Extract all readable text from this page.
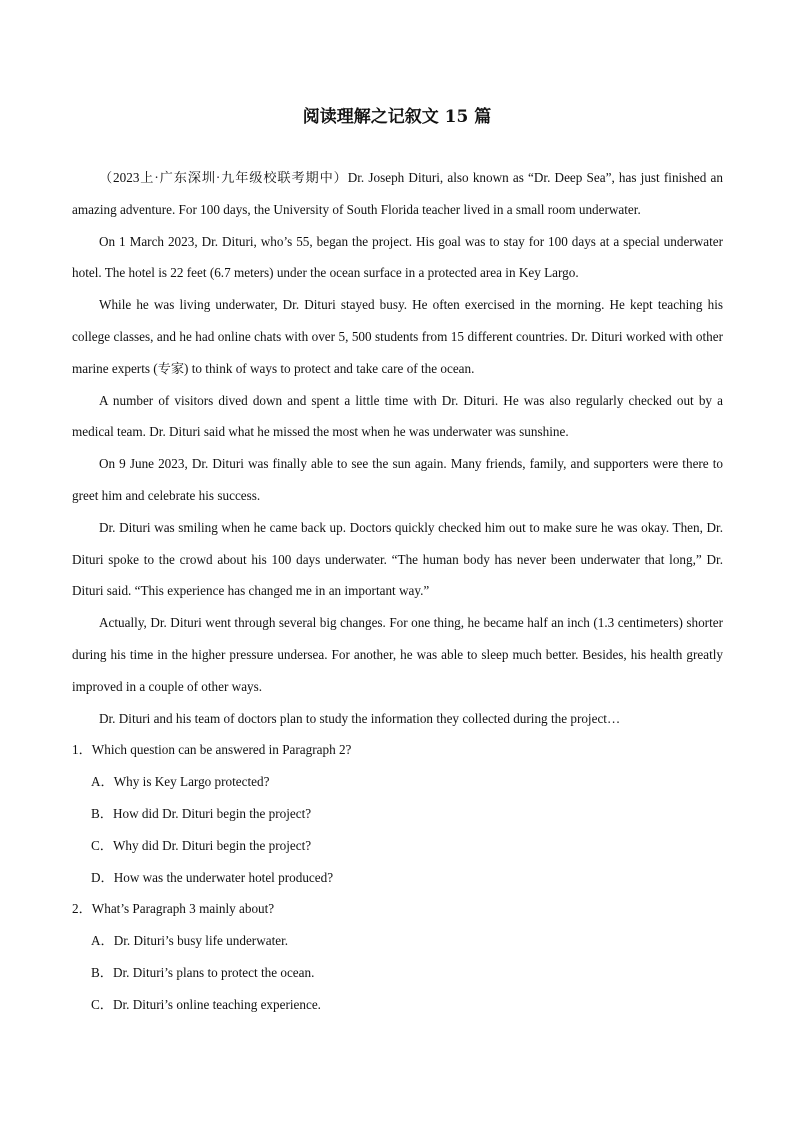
阅读理解之记叙文 15 篇

（2023上·广东深圳·九年级校联考期中）Dr. Joseph Dituri, also known as “Dr. Deep Sea”, has just finished an amazing adventure. For 100 days, the University of South Florida teacher lived in a small room underwater.

On 1 March 2023, Dr. Dituri, who’s 55, began the project. His goal was to stay for 100 days at a special underwater hotel. The hotel is 22 feet (6.7 meters) under the ocean surface in a protected area in Key Largo.

While he was living underwater, Dr. Dituri stayed busy. He often exercised in the morning. He kept teaching his college classes, and he had online chats with over 5, 500 students from 15 different countries. Dr. Dituri worked with other marine experts (专家) to think of ways to protect and take care of the ocean.

A number of visitors dived down and spent a little time with Dr. Dituri. He was also regularly checked out by a medical team. Dr. Dituri said what he missed the most when he was underwater was sunshine.

On 9 June 2023, Dr. Dituri was finally able to see the sun again. Many friends, family, and supporters were there to greet him and celebrate his success.

Dr. Dituri was smiling when he came back up. Doctors quickly checked him out to make sure he was okay. Then, Dr. Dituri spoke to the crowd about his 100 days underwater. “The human body has never been underwater that long,” Dr. Dituri said. “This experience has changed me in an important way.”

Actually, Dr. Dituri went through several big changes. For one thing, he became half an inch (1.3 centimeters) shorter during his time in the higher pressure undersea. For another, he was able to sleep much better. Besides, his health greatly improved in a couple of other ways.

Dr. Dituri and his team of doctors plan to study the information they collected during the project…

1．Which question can be answered in Paragraph 2?
A．Why is Key Largo protected?
B．How did Dr. Dituri begin the project?
C．Why did Dr. Dituri begin the project?
D．How was the underwater hotel produced?
2．What’s Paragraph 3 mainly about?
A．Dr. Dituri’s busy life underwater.
B．Dr. Dituri’s plans to protect the ocean.
C．Dr. Dituri’s online teaching experience.
